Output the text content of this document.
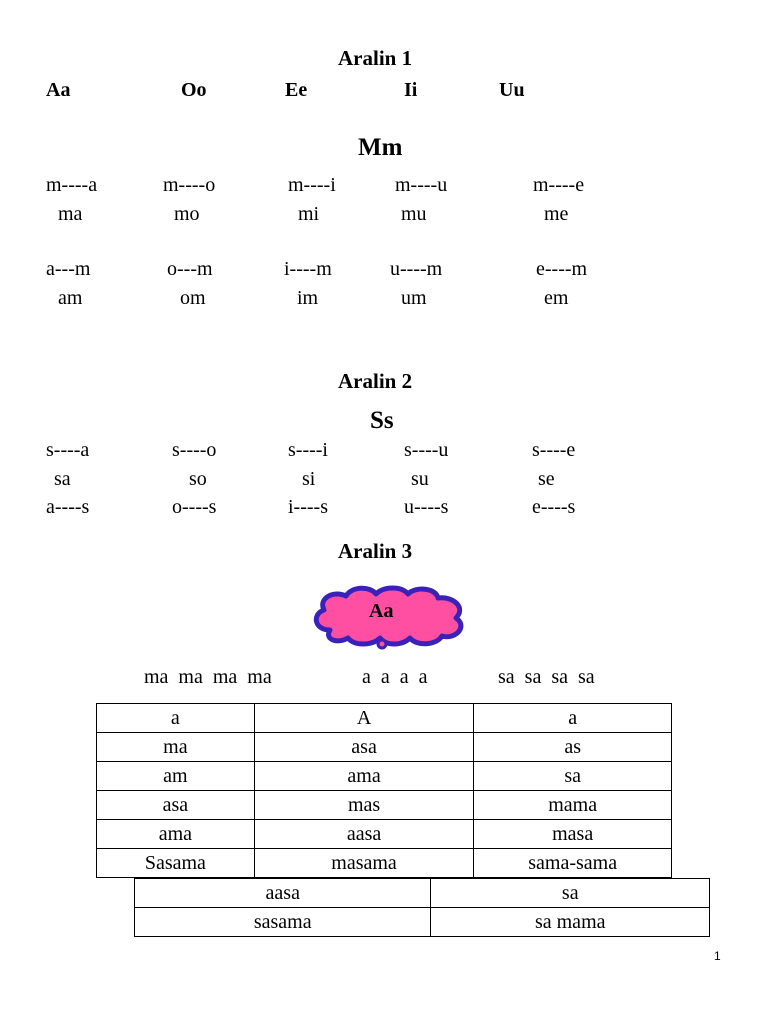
Aralin 1
Aa	Oo	Ee	Ii	Uu
Mm
m----a	m----o	m----i	m----u	m----e
ma	mo	mi	mu	me
a---m	o---m	i----m	u----m	e----m
am	om	im	um	em
Aralin 2
Ss
s----a	s----o	s----i	s----u	s----e
sa	so	si	su	se
a----s	o----s	i----s	u----s	e----s
Aralin 3
Aa
ma  ma  ma  ma	a  a  a  a	sa  sa  sa  sa
a	A	a
ma	asa	as
am	ama	sa
asa	mas	mama
ama	aasa	masa
Sasama	masama	sama-sama
aasa	sa
sasama	sa mama
1
